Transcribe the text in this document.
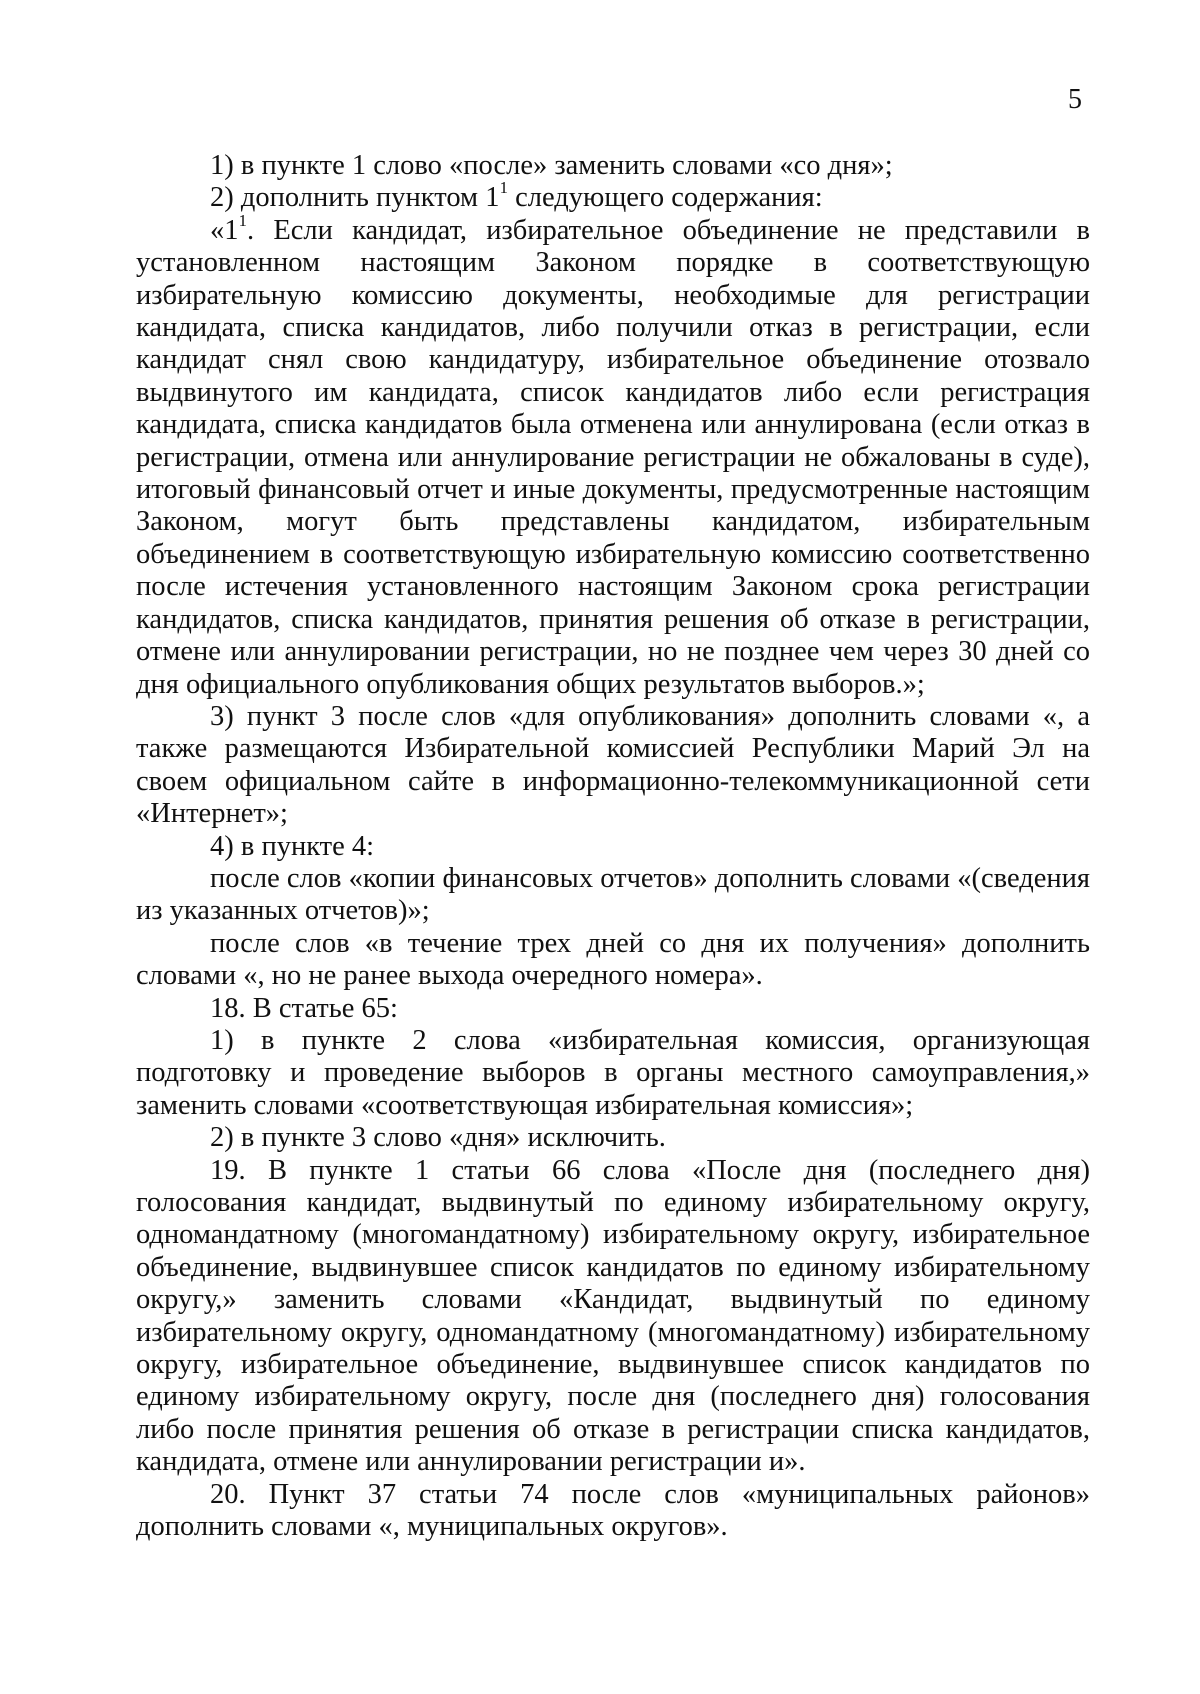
5

1) в пункте 1 слово «после» заменить словами «со дня»;

2) дополнить пунктом $1^1$ следующего содержания:

«$1^1$. Если кандидат, избирательное объединение не представили в установленном настоящим Законом порядке в соответствующую избирательную комиссию документы, необходимые для регистрации кандидата, списка кандидатов, либо получили отказ в регистрации, если кандидат снял свою кандидатуру, избирательное объединение отозвало выдвинутого им кандидата, список кандидатов либо если регистрация кандидата, списка кандидатов была отменена или аннулирована (если отказ в регистрации, отмена или аннулирование регистрации не обжалованы в суде), итоговый финансовый отчет и иные документы, предусмотренные настоящим Законом, могут быть представлены кандидатом, избирательным объединением в соответствующую избирательную комиссию соответственно после истечения установленного настоящим Законом срока регистрации кандидатов, списка кандидатов, принятия решения об отказе в регистрации, отмене или аннулировании регистрации, но не позднее чем через 30 дней со дня официального опубликования общих результатов выборов.»;

3) пункт 3 после слов «для опубликования» дополнить словами «, а также размещаются Избирательной комиссией Республики Марий Эл на своем официальном сайте в информационно-телекоммуникационной сети «Интернет»;

4) в пункте 4:

после слов «копии финансовых отчетов» дополнить словами «(сведения из указанных отчетов)»;

после слов «в течение трех дней со дня их получения» дополнить словами «, но не ранее выхода очередного номера».

18. В статье 65:

1) в пункте 2 слова «избирательная комиссия, организующая подготовку и проведение выборов в органы местного самоуправления,» заменить словами «соответствующая избирательная комиссия»;

2) в пункте 3 слово «дня» исключить.

19. В пункте 1 статьи 66 слова «После дня (последнего дня) голосования кандидат, выдвинутый по единому избирательному округу, одномандатному (многомандатному) избирательному округу, избирательное объединение, выдвинувшее список кандидатов по единому избирательному округу,» заменить словами «Кандидат, выдвинутый по единому избирательному округу, одномандатному (многомандатному) избирательному округу, избирательное объединение, выдвинувшее список кандидатов по единому избирательному округу, после дня (последнего дня) голосования либо после принятия решения об отказе в регистрации списка кандидатов, кандидата, отмене или аннулировании регистрации и».

20. Пункт 37 статьи 74 после слов «муниципальных районов» дополнить словами «, муниципальных округов».
